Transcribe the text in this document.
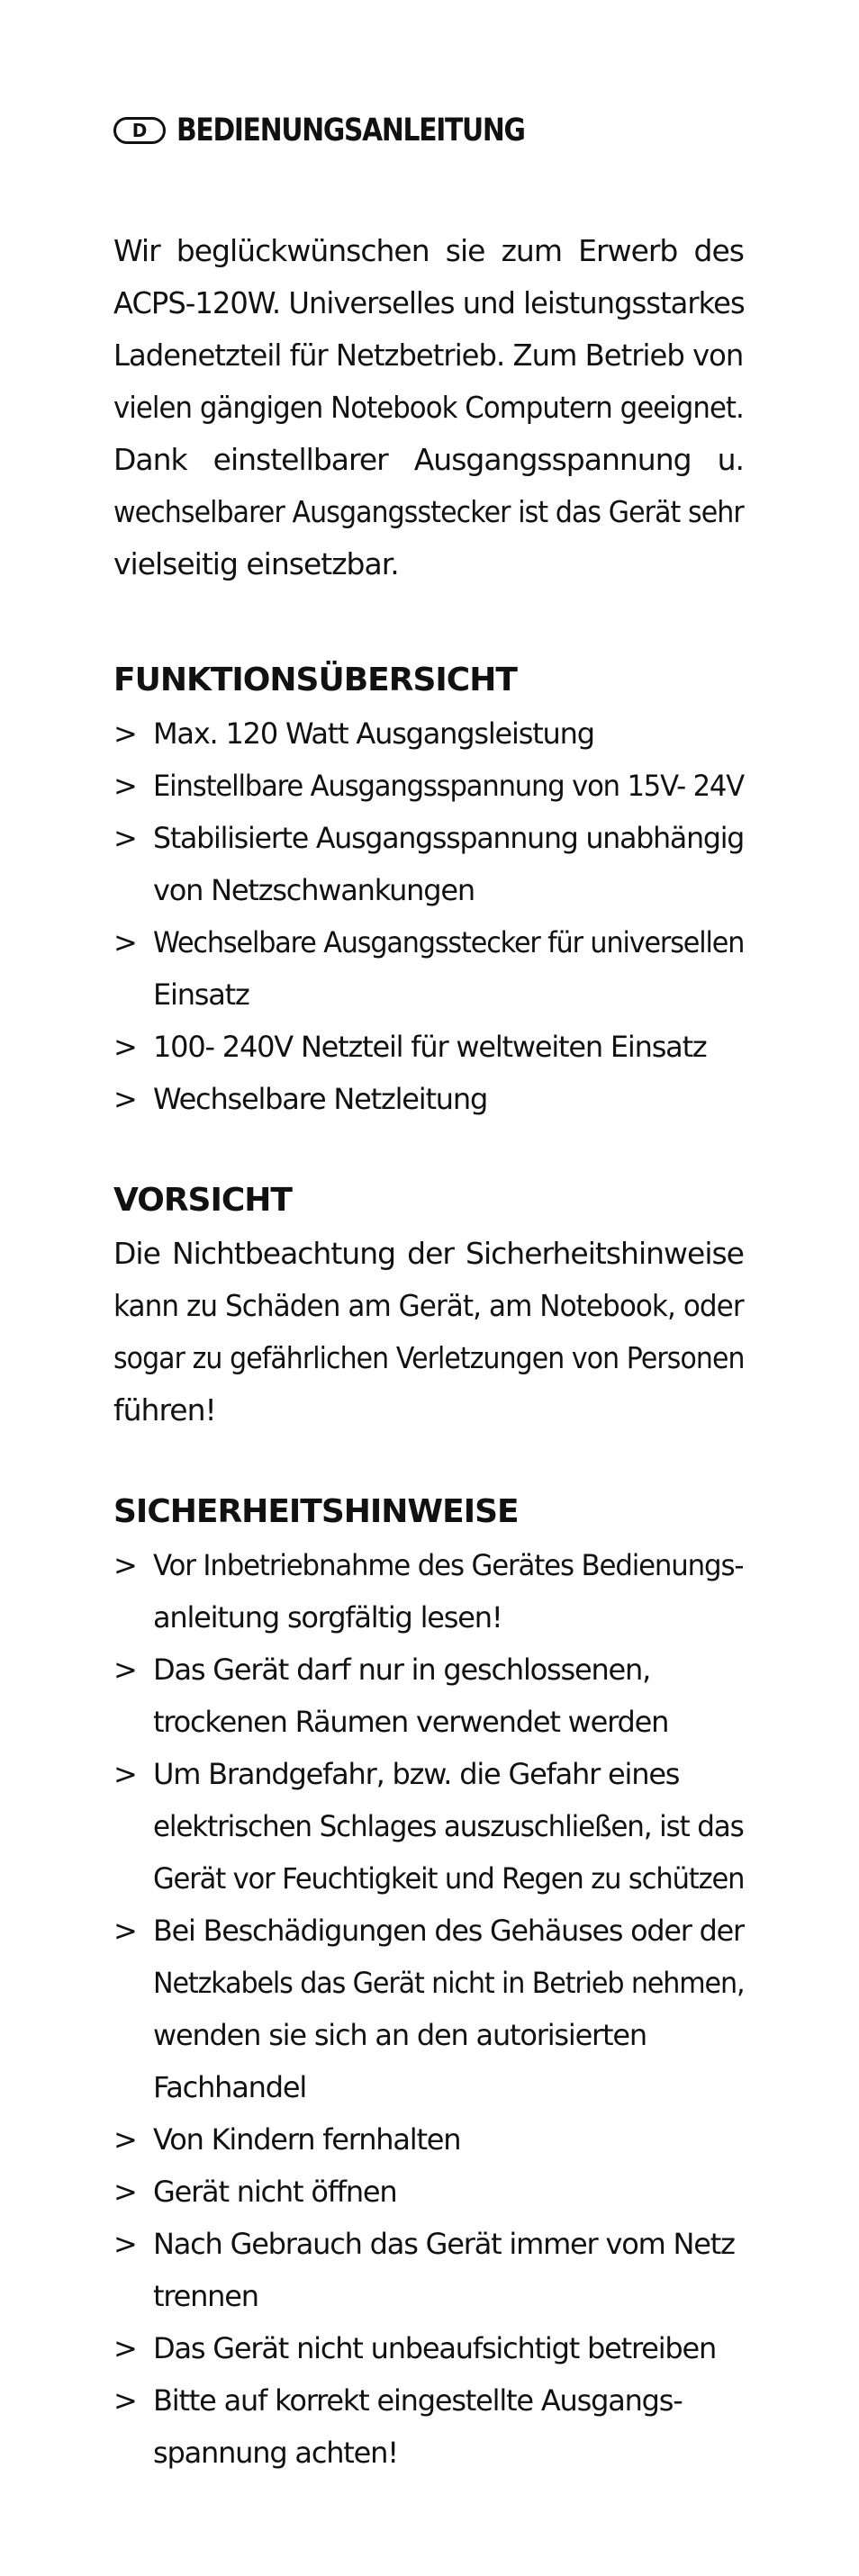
D BEDIENUNGSANLEITUNG
Wir beglückwünschen sie zum Erwerb des
ACPS-120W. Universelles und leistungsstarkes
Ladenetzteil für Netzbetrieb. Zum Betrieb von
vielen gängigen Notebook Computern geeignet.
Dank einstellbarer Ausgangsspannung u.
wechselbarer Ausgangsstecker ist das Gerät sehr
vielseitig einsetzbar.
FUNKTIONSÜBERSICHT
> Max. 120 Watt Ausgangsleistung
> Einstellbare Ausgangsspannung von 15V- 24V
> Stabilisierte Ausgangsspannung unabhängig
von Netzschwankungen
> Wechselbare Ausgangsstecker für universellen
Einsatz
> 100- 240V Netzteil für weltweiten Einsatz
> Wechselbare Netzleitung
VORSICHT
Die Nichtbeachtung der Sicherheitshinweise
kann zu Schäden am Gerät, am Notebook, oder
sogar zu gefährlichen Verletzungen von Personen
führen!
SICHERHEITSHINWEISE
> Vor Inbetriebnahme des Gerätes Bedienungs-
anleitung sorgfältig lesen!
> Das Gerät darf nur in geschlossenen,
trockenen Räumen verwendet werden
> Um Brandgefahr, bzw. die Gefahr eines
elektrischen Schlages auszuschließen, ist das
Gerät vor Feuchtigkeit und Regen zu schützen
> Bei Beschädigungen des Gehäuses oder der
Netzkabels das Gerät nicht in Betrieb nehmen,
wenden sie sich an den autorisierten
Fachhandel
> Von Kindern fernhalten
> Gerät nicht öffnen
> Nach Gebrauch das Gerät immer vom Netz
trennen
> Das Gerät nicht unbeaufsichtigt betreiben
> Bitte auf korrekt eingestellte Ausgangs-
spannung achten!
